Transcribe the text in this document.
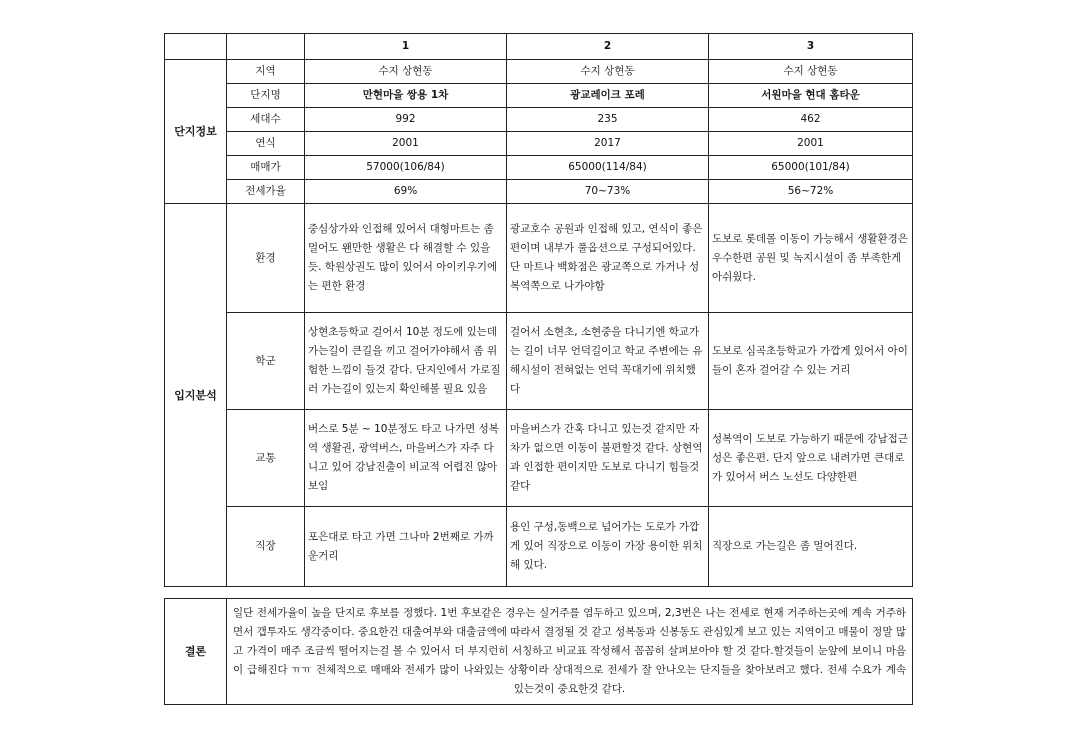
		1	2	3
단지정보	지역	수지 상현동	수지 상현동	수지 상현동
	단지명	만현마을 쌍용 1차	광교레이크 포레	서원마을 현대 홈타운
	세대수	992	235	462
	연식	2001	2017	2001
	매매가	57000(106/84)	65000(114/84)	65000(101/84)
	전세가율	69%	70~73%	56~72%
입지분석	환경	중심상가와 인접해 있어서 대형마트는 좀 멀어도 왠만한 생활은 다 해결할 수 있을듯. 학원상권도 많이 있어서 아이키우기에는 편한 환경	광교호수 공원과 인접해 있고, 연식이 좋은편이며 내부가 풀옵션으로 구성되어있다. 단 마트나 백화점은 광교쪽으로 가거나 성복역쪽으로 나가야함	도보로 롯데몰 이동이 가능해서 생활환경은 우수한편 공원 및 녹지시설이 좀 부족한게 아쉬웠다.
	학군	상현초등학교 걸어서 10분 정도에 있는데 가는길이 큰길을 끼고 걸어가야해서 좀 위험한 느낌이 들것 같다. 단지인에서 가로질러 가는길이 있는지 확인해볼 필요 있음	걸어서 소현초, 소현중을 다니기엔 학교가는 길이 너무 언덕길이고 학교 주변에는 유해시설이 전혀없는 언덕 꼭대기에 위치했다	도보로 심곡초등학교가 가깝게 있어서 아이들이 혼자 걸어갈 수 있는 거리
	교통	버스로 5분 ~ 10분정도 타고 나가면 성복역 생활권, 광역버스, 마을버스가 자주 다니고 있어 강남진출이 비교적 어렵진 않아보임	마을버스가 간혹 다니고 있는것 같지만 자차가 없으면 이동이 불편할것 같다. 상현역과 인접한 편이지만 도보로 다니기 힘들것 같다	성복역이 도보로 가능하기 때문에 강남접근성은 좋은편. 단지 앞으로 내려가면 큰대로가 있어서 버스 노선도 다양한편
	직장	포은대로 타고 가면 그나마 2번째로 가까운거리	용인 구성,동백으로 넘어가는 도로가 가깝게 있어 직장으로 이동이 가장 용이한 위치해 있다.	직장으로 가는길은 좀 멀어진다.
결론	일단 전세가율이 높을 단지로 후보를 정했다. 1번 후보같은 경우는 실거주를 염두하고 있으며, 2,3번은 나는 전세로 현재 거주하는곳에 계속 거주하면서 갭투자도 생각중이다. 중요한건 대출여부와 대출금액에 따라서 결정될 것 같고 성복동과 신봉동도 관심있게 보고 있는 지역이고 매물이 정말 많고 가격이 매주 조금씩 떨어지는걸 볼 수 있어서 더 부지런히 서칭하고 비교표 작성해서 꼼꼼히 살펴보아야 할 것 같다.할것들이 눈앞에 보이니 마음이 급해진다 ㅠㅠ 전체적으로 매매와 전세가 많이 나와있는 상황이라 상대적으로 전세가 잘 안나오는 단지들을 찾아보려고 했다. 전세 수요가 계속 있는것이 중요한것 같다.
